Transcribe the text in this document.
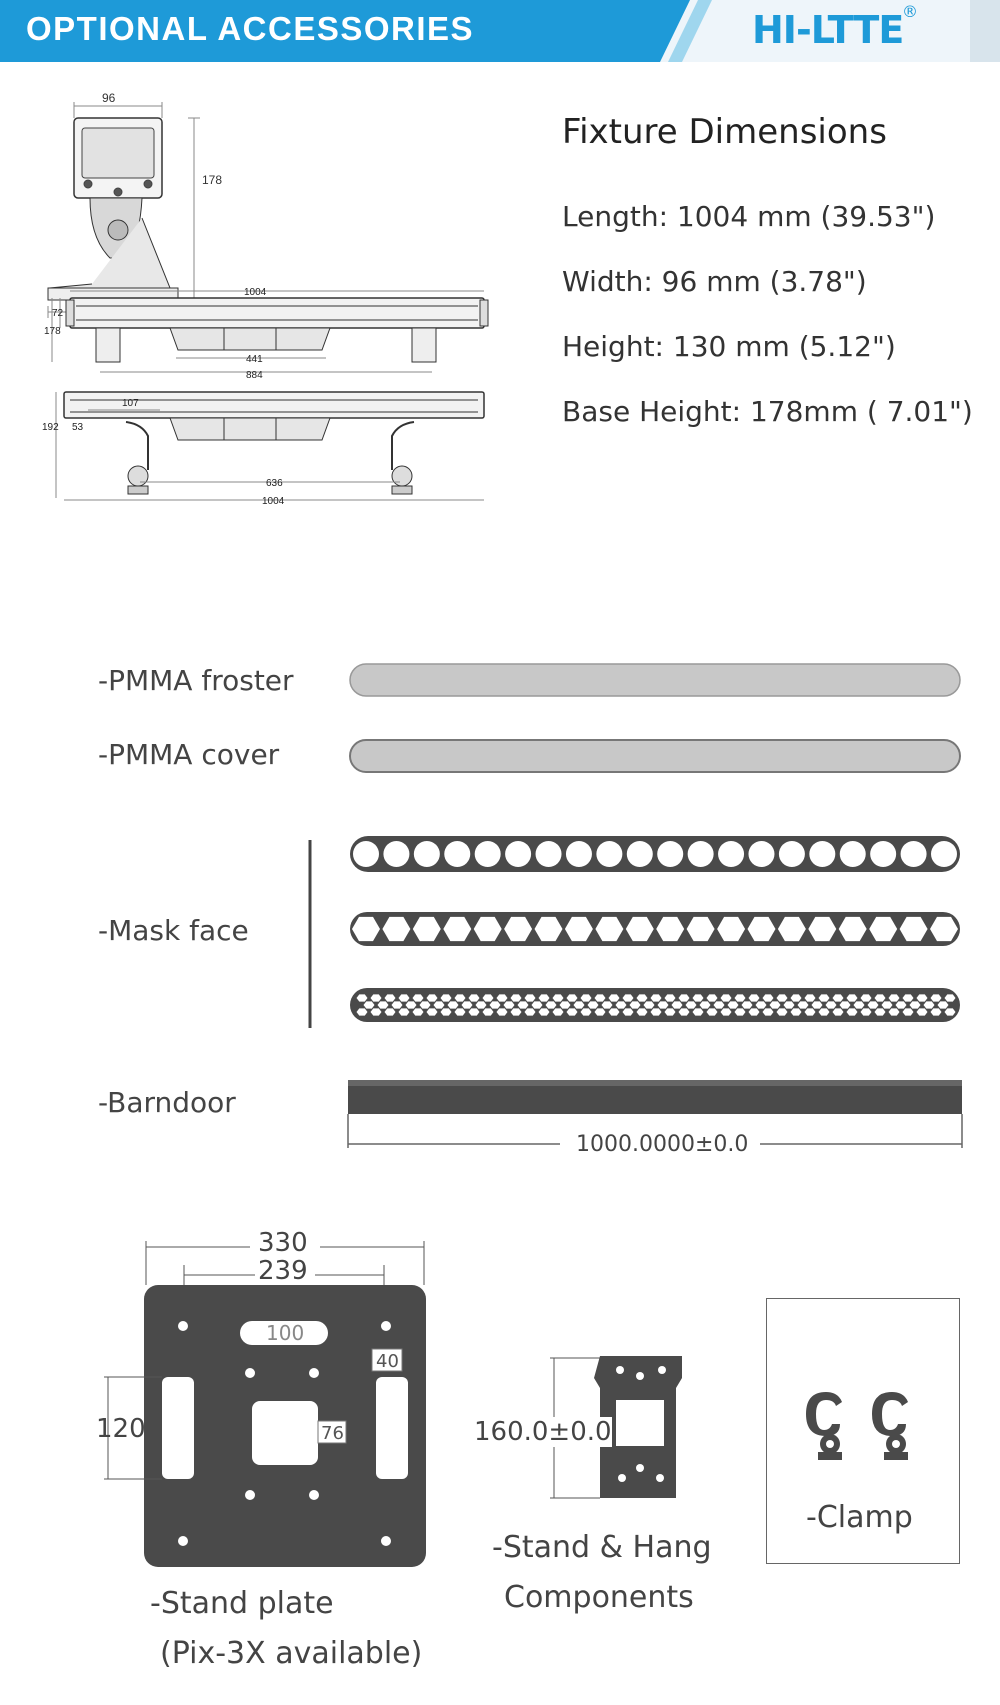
OPTIONAL ACCESSORIES	HI-LTTE
®
96
178
1004
72
178
441
884
107
192 53
636
1004
Fixture Dimensions
Length: 1004 mm (39.53")
Width: 96 mm (3.78")
Height: 130 mm (5.12")
Base Height: 178mm ( 7.01")
-PMMA froster
-PMMA cover
-Mask face
-Barndoor
1000.0000±0.0
330
239
100
40
76
120
-Stand plate
(Pix-3X available)
160.0±0.0
-Stand & Hang
Components
-Clamp
